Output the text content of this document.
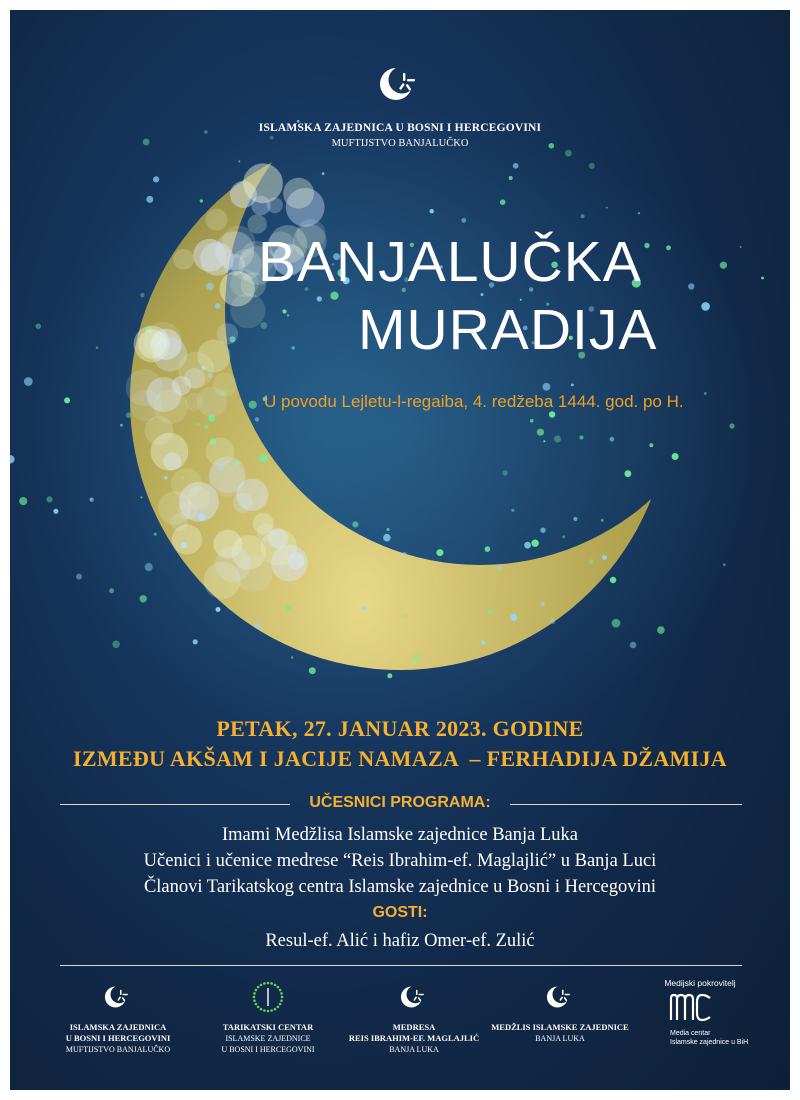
ISLAMSKA ZAJEDNICA U BOSNI I HERCEGOVINI
MUFTIJSTVO BANJALUČKO
BANJALUČKA
MURADIJA
U povodu Lejletu-l-regaiba, 4. redžeba 1444. god. po H.
PETAK, 27. JANUAR 2023. GODINE
IZMEĐU AKŠAM I JACIJE NAMAZA  – FERHADIJA DŽAMIJA
UČESNICI PROGRAMA:
Imami Medžlisa Islamske zajednice Banja Luka
Učenici i učenice medrese “Reis Ibrahim-ef. Maglajlić” u Banja Luci
Članovi Tarikatskog centra Islamske zajednice u Bosni i Hercegovini
GOSTI:
Resul-ef. Alić i hafiz Omer-ef. Zulić
ISLAMSKA ZAJEDNICA
U BOSNI I HERCEGOVINI
MUFTIJSTVO BANJALUČKO
TARIKATSKI CENTAR
ISLAMSKE ZAJEDNICE
U BOSNI I HERCEGOVINI
MEDRESA
REIS IBRAHIM-EF. MAGLAJLIĆ
BANJA LUKA
MEDŽLIS ISLAMSKE ZAJEDNICE
BANJA LUKA
Medijski pokrovitelj
Media centar
Islamske zajednice u BiH
